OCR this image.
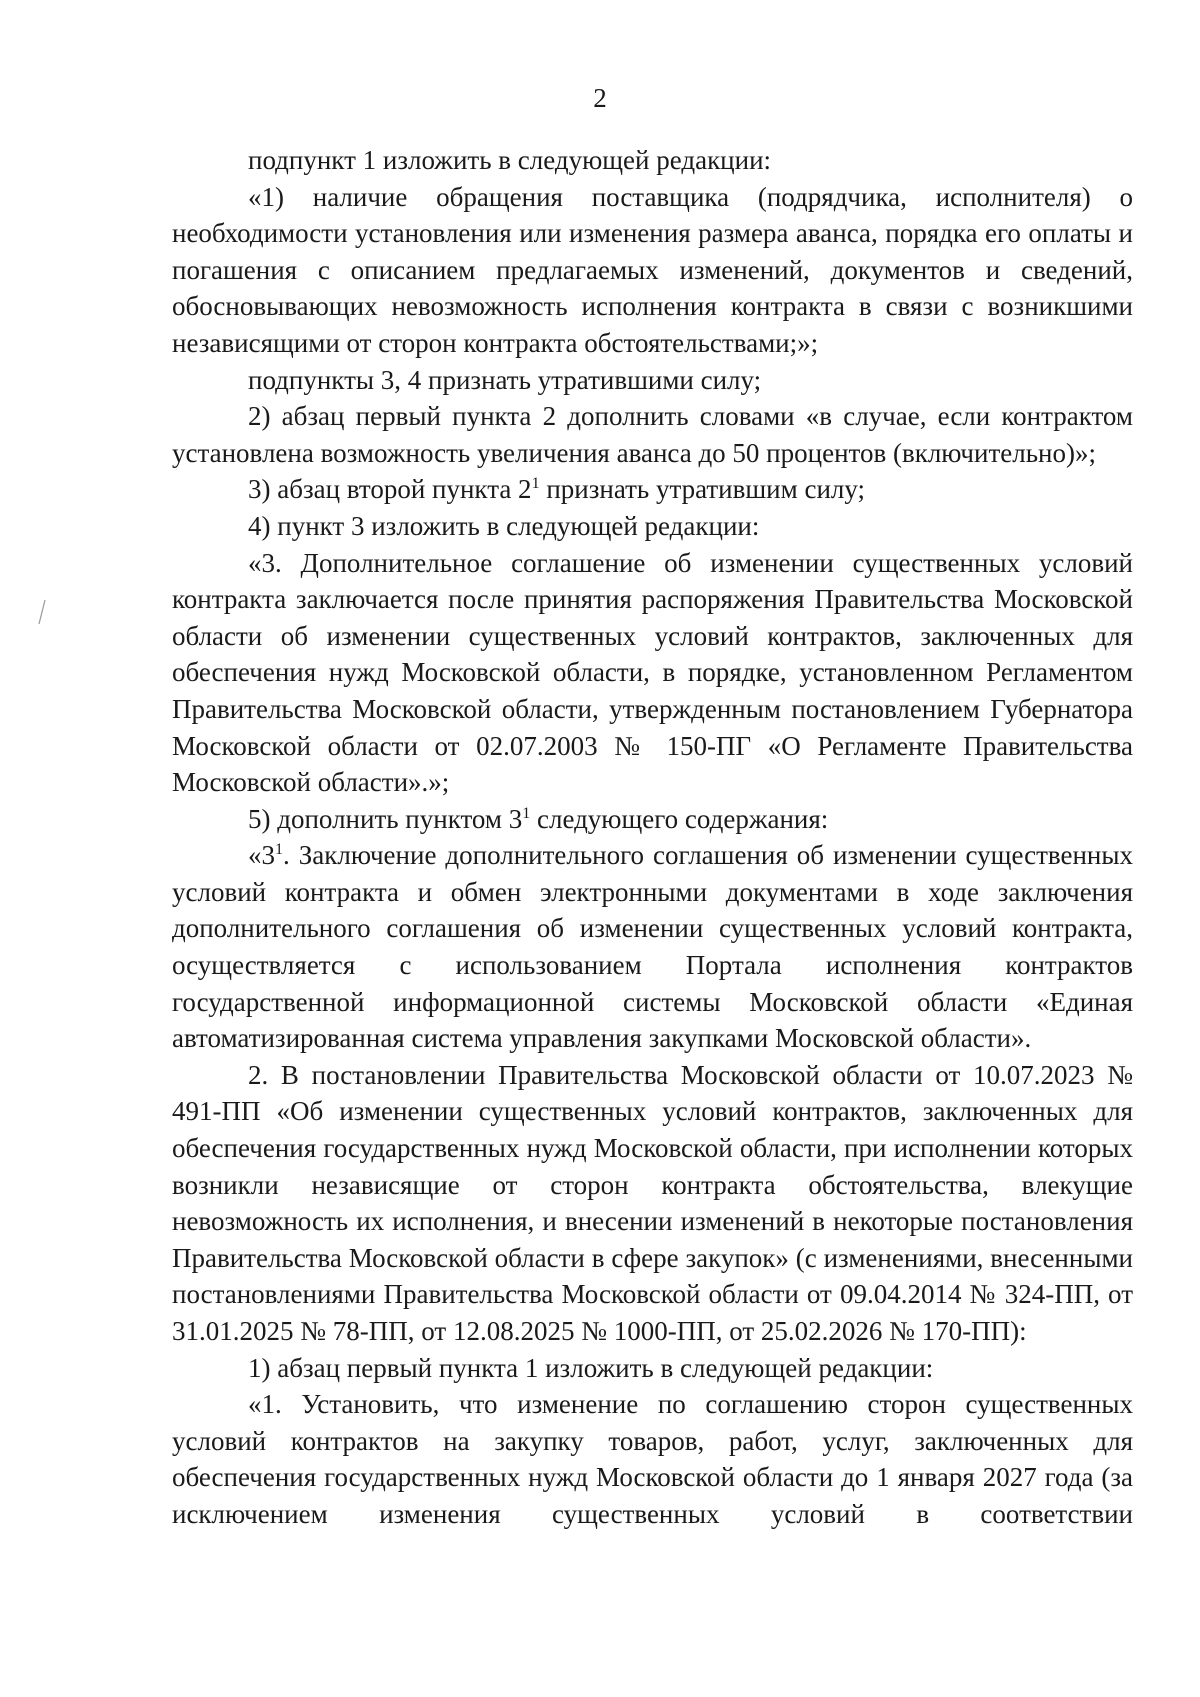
2

подпункт 1 изложить в следующей редакции:

«1) наличие обращения поставщика (подрядчика, исполнителя) о необходимости установления или изменения размера аванса, порядка его оплаты и погашения с описанием предлагаемых изменений, документов и сведений, обосновывающих невозможность исполнения контракта в связи с возникшими независящими от сторон контракта обстоятельствами;»;

подпункты 3, 4 признать утратившими силу;

2) абзац первый пункта 2 дополнить словами «в случае, если контрактом установлена возможность увеличения аванса до 50 процентов (включительно)»;

3) абзац второй пункта $2^1$ признать утратившим силу;

4) пункт 3 изложить в следующей редакции:

«3. Дополнительное соглашение об изменении существенных условий контракта заключается после принятия распоряжения Правительства Московской области об изменении существенных условий контрактов, заключенных для обеспечения нужд Московской области, в порядке, установленном Регламентом Правительства Московской области, утвержденным постановлением Губернатора Московской области от 02.07.2003 № 150-ПГ «О Регламенте Правительства Московской области».»;

5) дополнить пунктом $3^1$ следующего содержания:

«$3^1$. Заключение дополнительного соглашения об изменении существенных условий контракта и обмен электронными документами в ходе заключения дополнительного соглашения об изменении существенных условий контракта, осуществляется с использованием Портала исполнения контрактов государственной информационной системы Московской области «Единая автоматизированная система управления закупками Московской области».

2. В постановлении Правительства Московской области от 10.07.2023 № 491-ПП «Об изменении существенных условий контрактов, заключенных для обеспечения государственных нужд Московской области, при исполнении которых возникли независящие от сторон контракта обстоятельства, влекущие невозможность их исполнения, и внесении изменений в некоторые постановления Правительства Московской области в сфере закупок» (с изменениями, внесенными постановлениями Правительства Московской области от 09.04.2014 № 324-ПП, от 31.01.2025 № 78-ПП, от 12.08.2025 № 1000-ПП, от 25.02.2026 № 170-ПП):

1) абзац первый пункта 1 изложить в следующей редакции:

«1. Установить, что изменение по соглашению сторон существенных условий контрактов на закупку товаров, работ, услуг, заключенных для обеспечения государственных нужд Московской области до 1 января 2027 года (за исключением изменения существенных условий в соответствии
